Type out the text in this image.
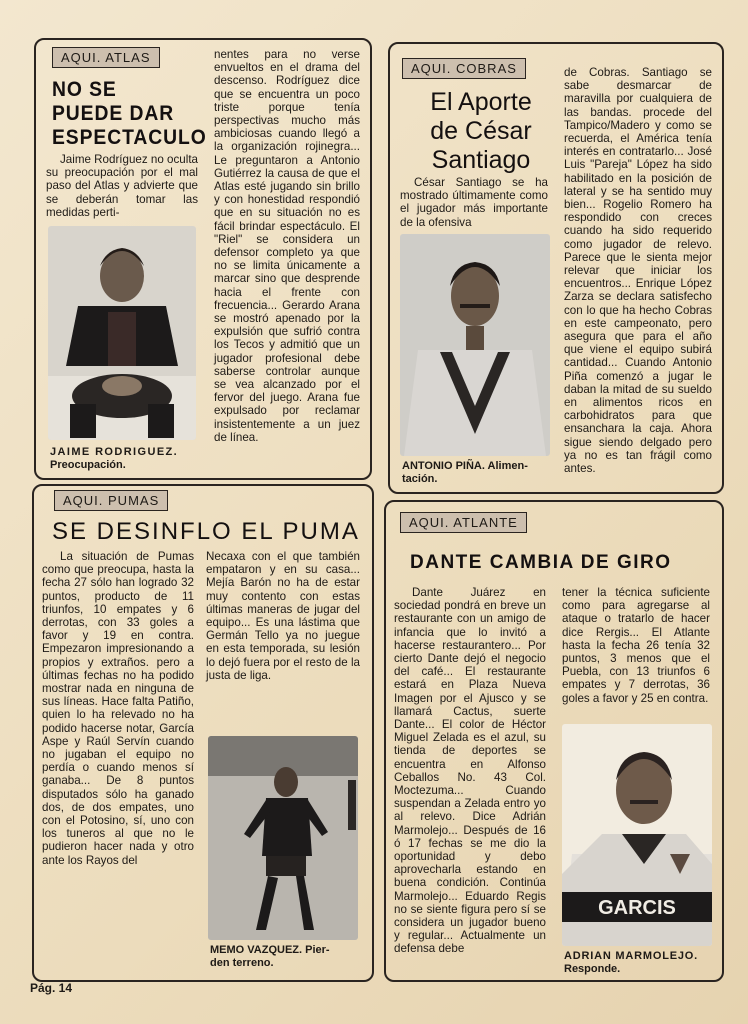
AQUI. ATLAS
NO SE
PUEDE DAR
ESPECTACULO

Jaime Rodríguez no oculta su preocupación por el mal paso del Atlas y advierte que se deberán tomar las medidas perti-

JAIME RODRIGUEZ.
Preocupación.

nentes para no verse envueltos en el drama del descenso. Rodríguez dice que se encuentra un poco triste porque tenía perspectivas mucho más ambiciosas cuando llegó a la organización rojinegra... Le preguntaron a Antonio Gutiérrez la causa de que el Atlas esté jugando sin brillo y con honestidad respondió que en su situación no es fácil brindar espectáculo. El "Riel" se considera un defensor completo ya que no se limita únicamente a marcar sino que desprende hacia el frente con frecuencia... Gerardo Arana se mostró apenado por la expulsión que sufrió contra los Tecos y admitió que un jugador profesional debe saberse controlar aunque se vea alcanzado por el fervor del juego. Arana fue expulsado por reclamar insistentemente a un juez de línea.

AQUI. COBRAS
El Aporte
de César
Santiago

César Santiago se ha mostrado últimamente como el jugador más importante de la ofensiva

ANTONIO PIÑA. Alimen-
tación.

de Cobras. Santiago se sabe desmarcar de maravilla por cualquiera de las bandas. procede del Tampico/Madero y como se recuerda, el América tenía interés en contratarlo... José Luis "Pareja" López ha sido habilitado en la posición de lateral y se ha sentido muy bien... Rogelio Romero ha respondido con creces cuando ha sido requerido como jugador de relevo. Parece que le sienta mejor relevar que iniciar los encuentros... Enrique López Zarza se declara satisfecho con lo que ha hecho Cobras en este campeonato, pero asegura que para el año que viene el equipo subirá cantidad... Cuando Antonio Piña comenzó a jugar le daban la mitad de su sueldo en alimentos ricos en carbohidratos para que ensanchara la caja. Ahora sigue siendo delgado pero ya no es tan frágil como antes.

AQUI. PUMAS
SE DESINFLO EL PUMA

La situación de Pumas como que preocupa, hasta la fecha 27 sólo han logrado 32 puntos, producto de 11 triunfos, 10 empates y 6 derrotas, con 33 goles a favor y 19 en contra. Empezaron impresionando a propios y extraños. pero a últimas fechas no ha podido mostrar nada en ninguna de sus líneas. Hace falta Patiño, quien lo ha relevado no ha podido hacerse notar, García Aspe y Raúl Servín cuando no jugaban el equipo no perdía o cuando menos sí ganaba... De 8 puntos disputados sólo ha ganado dos, de dos empates, uno con el Potosino, sí, uno con los tuneros al que no le pudieron hacer nada y otro ante los Rayos del

Necaxa con el que también empataron y en su casa... Mejía Barón no ha de estar muy contento con estas últimas maneras de jugar del equipo... Es una lástima que Germán Tello ya no juegue en esta temporada, su lesión lo dejó fuera por el resto de la justa de liga.

MEMO VAZQUEZ. Pier-
den terreno.
AQUI. ATLANTE
DANTE CAMBIA DE GIRO

Dante Juárez en sociedad pondrá en breve un restaurante con un amigo de infancia que lo invitó a hacerse restaurantero... Por cierto Dante dejó el negocio del café... El restaurante estará en Plaza Nueva Imagen por el Ajusco y se llamará Cactus, suerte Dante... El color de Héctor Miguel Zelada es el azul, su tienda de deportes se encuentra en Alfonso Ceballos No. 43 Col. Moctezuma... Cuando suspendan a Zelada entro yo al relevo. Dice Adrián Marmolejo... Después de 16 ó 17 fechas se me dio la oportunidad y debo aprovecharla estando en buena condición. Continúa Marmolejo... Eduardo Regis no se siente figura pero sí se considera un jugador bueno y regular... Actualmente un defensa debe

tener la técnica suficiente como para agregarse al ataque o tratarlo de hacer dice Rergis... El Atlante hasta la fecha 26 tenía 32 puntos, 3 menos que el Puebla, con 13 triunfos 6 empates y 7 derrotas, 36 goles a favor y 25 en contra.

GARCIS
ADRIAN MARMOLEJO.
Responde.
Pág. 14
